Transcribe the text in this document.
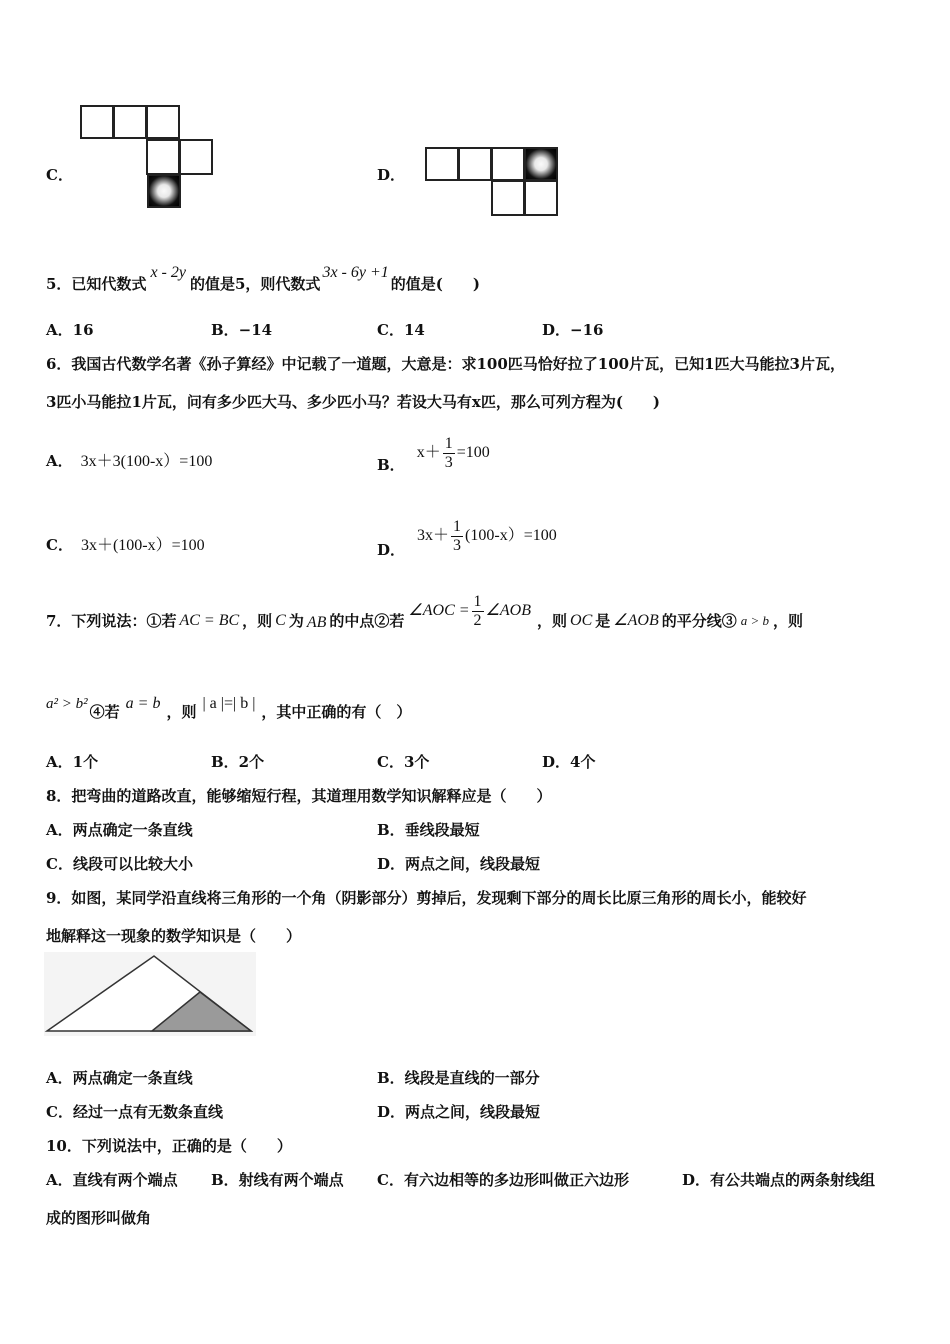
C．	D．
5．已知代数式x - 2y的值是5，则代数式3x - 6y +1的值是(　　)
A．16	B．−14	C．14	D．−16
6．我国古代数学名著《孙子算经》中记载了一道题，大意是：求100匹马恰好拉了100片瓦，已知1匹大马能拉3片瓦，
3匹小马能拉1片瓦，问有多少匹大马、多少匹小马？若设大马有x匹，那么可列方程为(　　)
A． 3x＋3(100-x）=100	B．
$x+ \frac{1}{3} =100$
C． 3x＋(100-x）=100	D．
$3x+ \frac{1}{3} (100-x)=100$
7．下列说法：①若 AC = BC ，则 C 为 AB 的中点②若
∠AOC = $\frac{1}{2}$ ∠AOB
，则 OC 是 ∠AOB 的平分线③ a > b ，则
a² > b² ④若 a = b ，则 | a |=| b | ，其中正确的有（　）
A．1个	B．2个	C．3个	D．4个
8．把弯曲的道路改直，能够缩短行程，其道理用数学知识解释应是（　　）
A．两点确定一条直线	B．垂线段最短
C．线段可以比较大小	D．两点之间，线段最短
9．如图，某同学沿直线将三角形的一个角（阴影部分）剪掉后，发现剩下部分的周长比原三角形的周长小，能较好
地解释这一现象的数学知识是（　　）
A．两点确定一条直线	B．线段是直线的一部分
C．经过一点有无数条直线	D．两点之间，线段最短
10．下列说法中，正确的是（　　）
A．直线有两个端点 B．射线有两个端点 C．有六边相等的多边形叫做正六边形	D．有公共端点的两条射线组
成的图形叫做角
